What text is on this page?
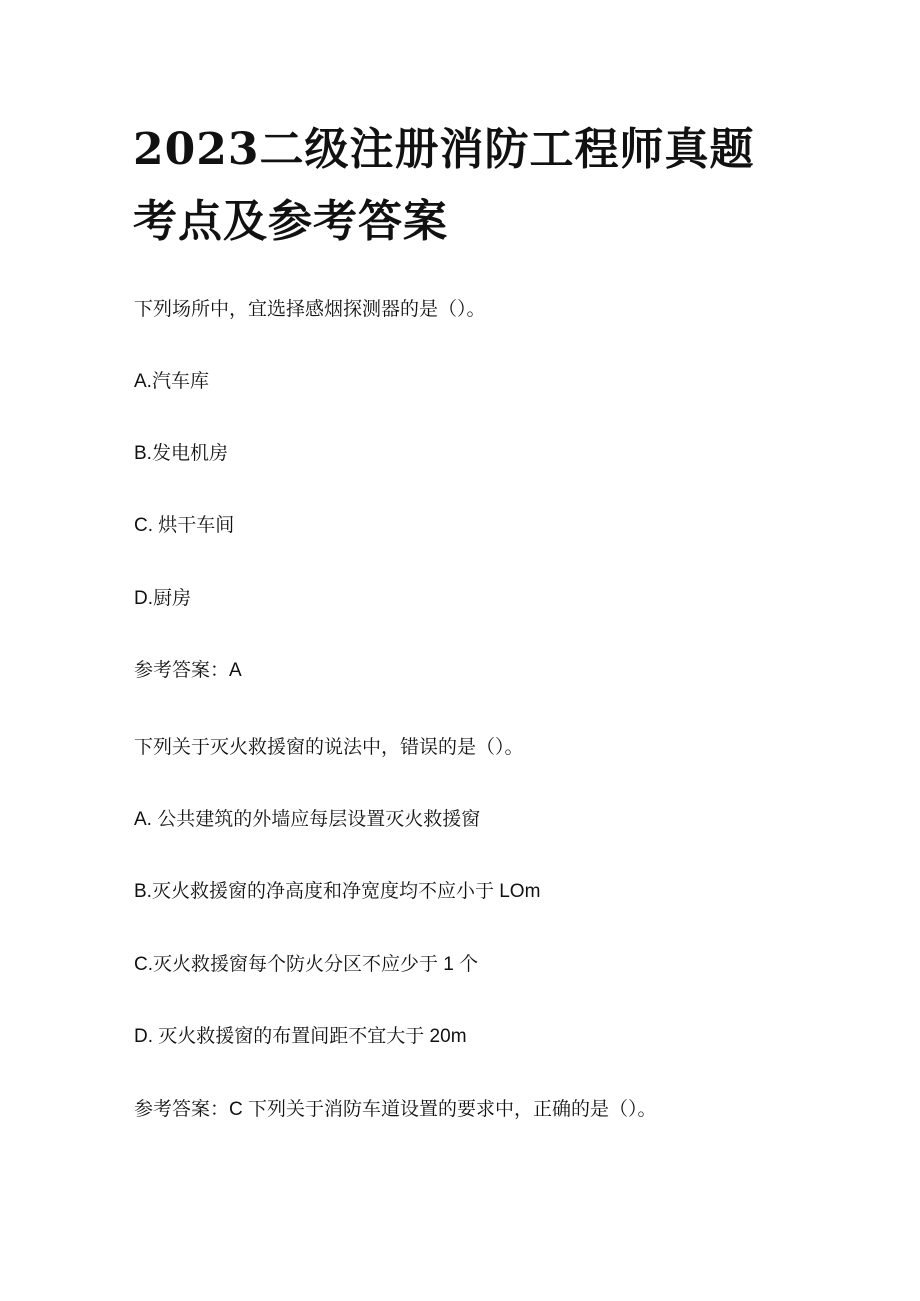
2023二级注册消防工程师真题考点及参考答案

下列场所中，宜选择感烟探测器的是（）。

A.汽车库

B.发电机房

C. 烘干车间

D.厨房

参考答案：A

下列关于灭火救援窗的说法中，错误的是（）。

A. 公共建筑的外墙应每层设置灭火救援窗

B.灭火救援窗的净高度和净宽度均不应小于 LOm

C.灭火救援窗每个防火分区不应少于 1 个

D. 灭火救援窗的布置间距不宜大于 20m

参考答案：C 下列关于消防车道设置的要求中，正确的是（）。
